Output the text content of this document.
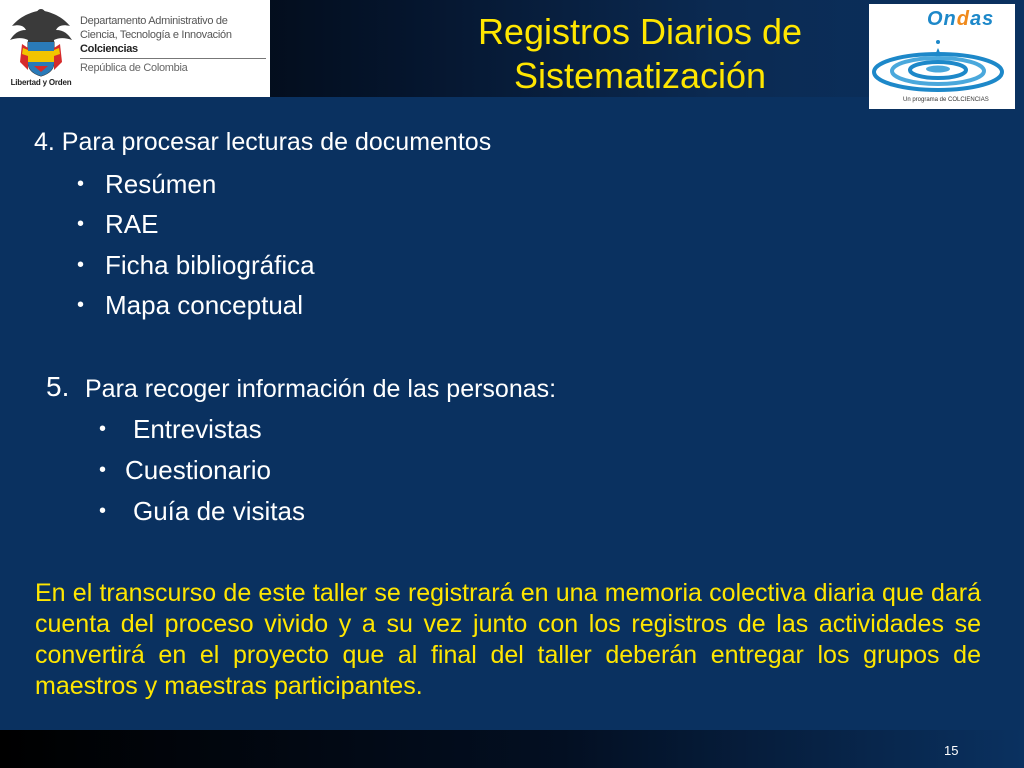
Libertad y Orden
Departamento Administrativo de
Ciencia, Tecnología e Innovación
Colciencias
República de Colombia
Registros Diarios de
Sistematización
Ondas
Un programa de COLCIENCIAS
4. Para procesar lecturas de documentos
• Resúmen
• RAE
• Ficha bibliográfica
• Mapa conceptual
5. Para recoger información de las personas:
• Entrevistas
• Cuestionario
• Guía de visitas
En el transcurso de este taller se registrará en una memoria colectiva diaria que dará cuenta del proceso vivido y a su vez junto con los registros de las actividades se convertirá en el proyecto que al final del taller deberán entregar los grupos de maestros y maestras participantes.
15
